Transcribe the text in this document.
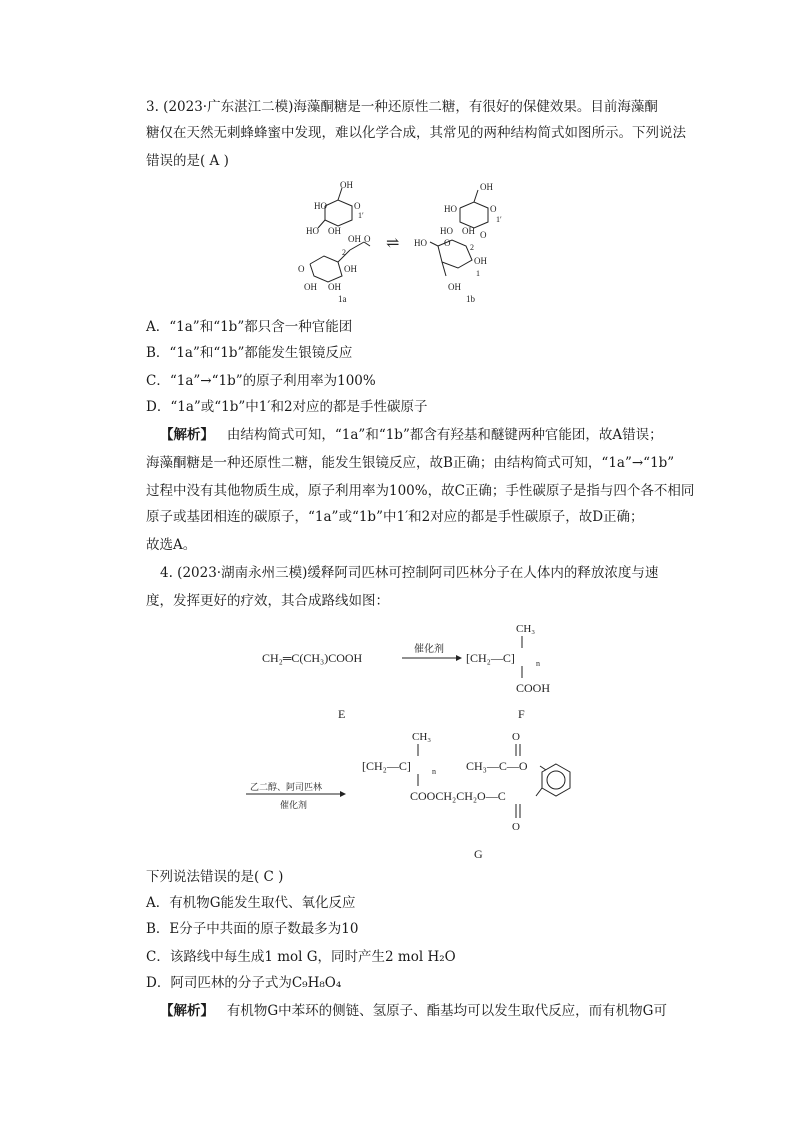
3. (2023·广东湛江二模)海藻酮糖是一种还原性二糖，有很好的保健效果。目前海藻酮
糖仅在天然无刺蜂蜂蜜中发现，难以化学合成，其常见的两种结构简式如图所示。下列说法
错误的是( A )
OH
HO	O
1′
HO OH
OH O
2
O	OH
OH OH
1a
⇌
OH
HO	O
1′
HO OH O
HO O 2
OH
1
OH
1b
A．“1a”和“1b”都只含一种官能团
B．“1a”和“1b”都能发生银镜反应
C．“1a”→“1b”的原子利用率为100%
D．“1a”或“1b”中1′和2对应的都是手性碳原子
【解析】 由结构简式可知，“1a”和“1b”都含有羟基和醚键两种官能团，故A错误；
海藻酮糖是一种还原性二糖，能发生银镜反应，故B正确；由结构简式可知，“1a”→“1b”
过程中没有其他物质生成，原子利用率为100%，故C正确；手性碳原子是指与四个各不相同
原子或基团相连的碳原子，“1a”或“1b”中1′和2对应的都是手性碳原子，故D正确；
故选A。
4. (2023·湖南永州三模)缓释阿司匹林可控制阿司匹林分子在人体内的释放浓度与速
度，发挥更好的疗效，其合成路线如图：
CH₂═C(CH₃)COOH
催化剂
CH₃
[CH₂—C]	n
COOH
E	F
乙二醇、阿司匹林
催化剂
CH₃
[CH₂—C]	n
COOCH₂CH₂O—C
O
CH₃—C—O
O
G
下列说法错误的是( C )
A．有机物G能发生取代、氧化反应
B．E分子中共面的原子数最多为10
C．该路线中每生成1 mol G，同时产生2 mol H₂O
D．阿司匹林的分子式为C₉H₈O₄
【解析】 有机物G中苯环的侧链、氢原子、酯基均可以发生取代反应，而有机物G可
